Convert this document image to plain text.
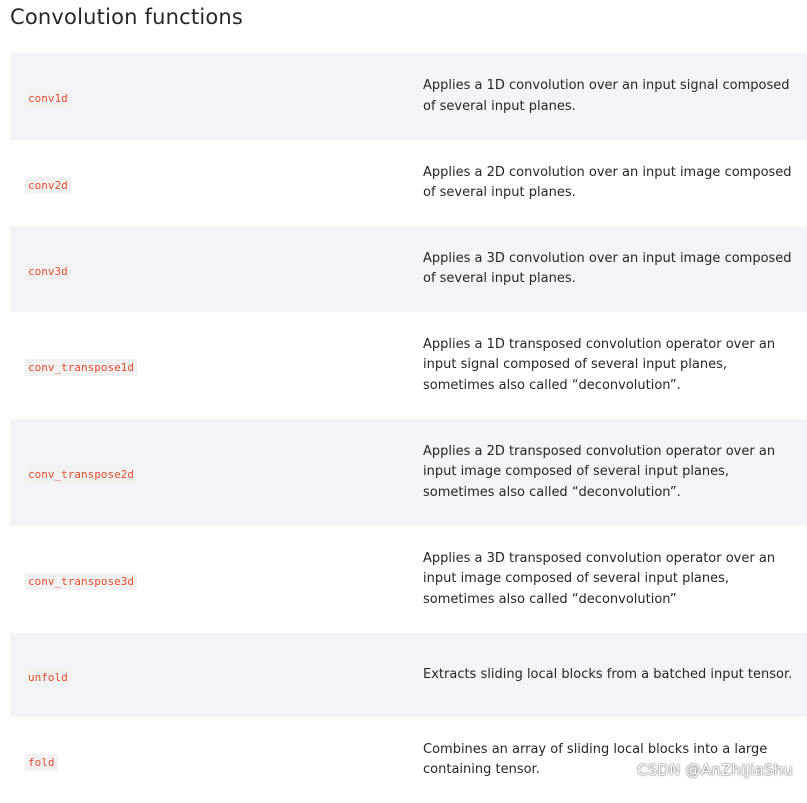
Convolution functions
conv1d
Applies a 1D convolution over an input signal composed of several input planes.
conv2d
Applies a 2D convolution over an input image composed of several input planes.
conv3d
Applies a 3D convolution over an input image composed of several input planes.
conv_transpose1d
Applies a 1D transposed convolution operator over an input signal composed of several input planes, sometimes also called “deconvolution”.
conv_transpose2d
Applies a 2D transposed convolution operator over an input image composed of several input planes, sometimes also called “deconvolution”.
conv_transpose3d
Applies a 3D transposed convolution operator over an input image composed of several input planes, sometimes also called “deconvolution”
unfold	Extracts sliding local blocks from a batched input tensor.
fold
Combines an array of sliding local blocks into a large containing tensor.	CSDN @AnZhiJiaShu
